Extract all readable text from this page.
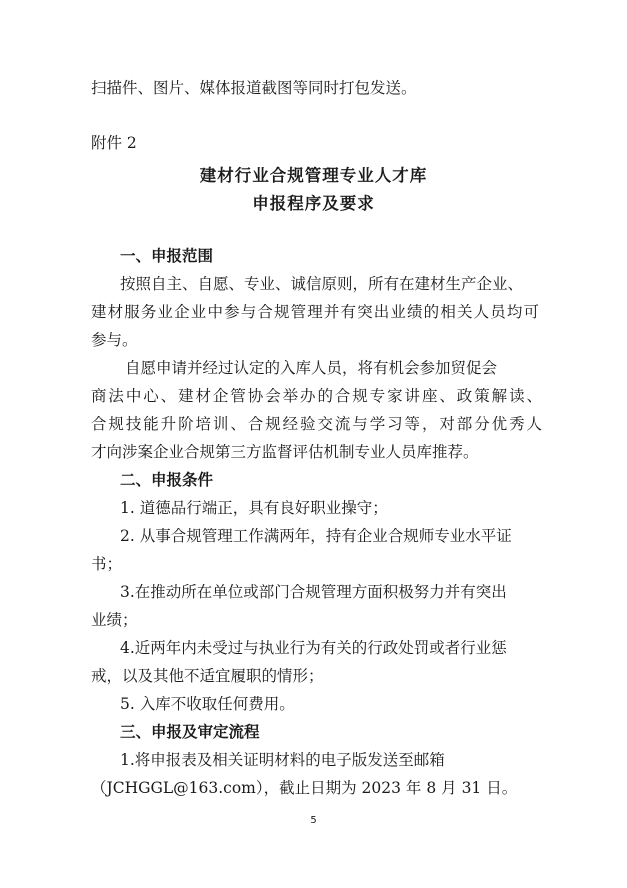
扫描件、图片、媒体报道截图等同时打包发送。
附件 2
建材行业合规管理专业人才库
申报程序及要求
一、申报范围
按照自主、自愿、专业、诚信原则，所有在建材生产企业、
建材服务业企业中参与合规管理并有突出业绩的相关人员均可
参与。
自愿申请并经过认定的入库人员，将有机会参加贸促会
商法中心、建材企管协会举办的合规专家讲座、政策解读、
合规技能升阶培训、合规经验交流与学习等，对部分优秀人
才向涉案企业合规第三方监督评估机制专业人员库推荐。
二、申报条件
1. 道德品行端正，具有良好职业操守；
2. 从事合规管理工作满两年，持有企业合规师专业水平证
书；
3.在推动所在单位或部门合规管理方面积极努力并有突出
业绩；
4.近两年内未受过与执业行为有关的行政处罚或者行业惩
戒，以及其他不适宜履职的情形；
5. 入库不收取任何费用。
三、申报及审定流程
1.将申报表及相关证明材料的电子版发送至邮箱
（JCHGGL@163.com），截止日期为 2023 年 8 月 31 日。
5
